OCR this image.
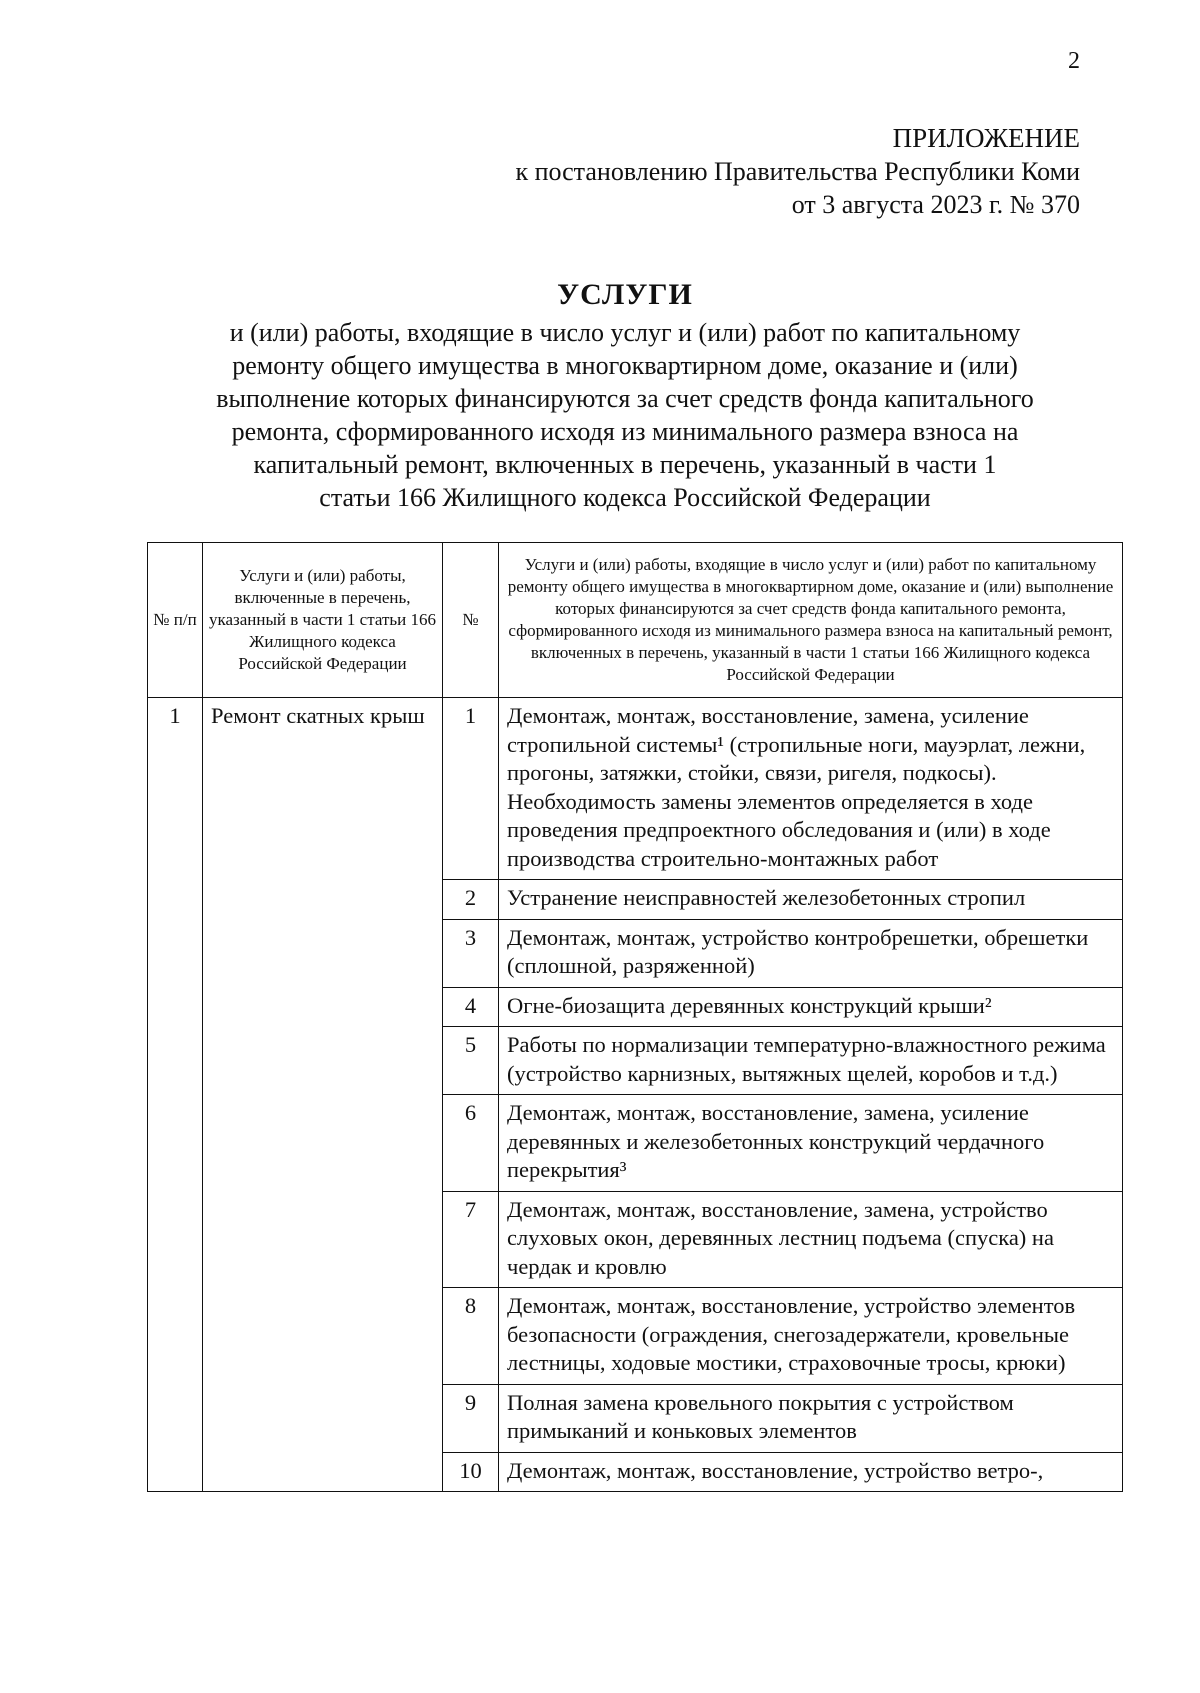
2
ПРИЛОЖЕНИЕ
к постановлению Правительства Республики Коми
от 3 августа 2023 г. № 370
УСЛУГИ
и (или) работы, входящие в число услуг и (или) работ по капитальному
ремонту общего имущества в многоквартирном доме, оказание и (или)
выполнение которых финансируются за счет средств фонда капитального
ремонта, сформированного исходя из минимального размера взноса на
капитальный ремонт, включенных в перечень, указанный в части 1
статьи 166 Жилищного кодекса Российской Федерации
№ п/п	Услуги и (или) работы, включенные в перечень, указанный в части 1 статьи 166 Жилищного кодекса Российской Федерации	№	Услуги и (или) работы, входящие в число услуг и (или) работ по капитальному ремонту общего имущества в многоквартирном доме, оказание и (или) выполнение которых финансируются за счет средств фонда капитального ремонта, сформированного исходя из минимального размера взноса на капитальный ремонт, включенных в перечень, указанный в части 1 статьи 166 Жилищного кодекса Российской Федерации
1	Ремонт скатных крыш	1	Демонтаж, монтаж, восстановление, замена, усиление стропильной системы¹ (стропильные ноги, мауэрлат, лежни, прогоны, затяжки, стойки, связи, ригеля, подкосы). Необходимость замены элементов определяется в ходе проведения предпроектного обследования и (или) в ходе производства строительно-монтажных работ
		2	Устранение неисправностей железобетонных стропил
		3	Демонтаж, монтаж, устройство контробрешетки, обрешетки (сплошной, разряженной)
		4	Огне-биозащита деревянных конструкций крыши²
		5	Работы по нормализации температурно-влажностного режима (устройство карнизных, вытяжных щелей, коробов и т.д.)
		6	Демонтаж, монтаж, восстановление, замена, усиление деревянных и железобетонных конструкций чердачного перекрытия³
		7	Демонтаж, монтаж, восстановление, замена, устройство слуховых окон, деревянных лестниц подъема (спуска) на чердак и кровлю
		8	Демонтаж, монтаж, восстановление, устройство элементов безопасности (ограждения, снегозадержатели, кровельные лестницы, ходовые мостики, страховочные тросы, крюки)
		9	Полная замена кровельного покрытия с устройством примыканий и коньковых элементов
		10	Демонтаж, монтаж, восстановление, устройство ветро-,
